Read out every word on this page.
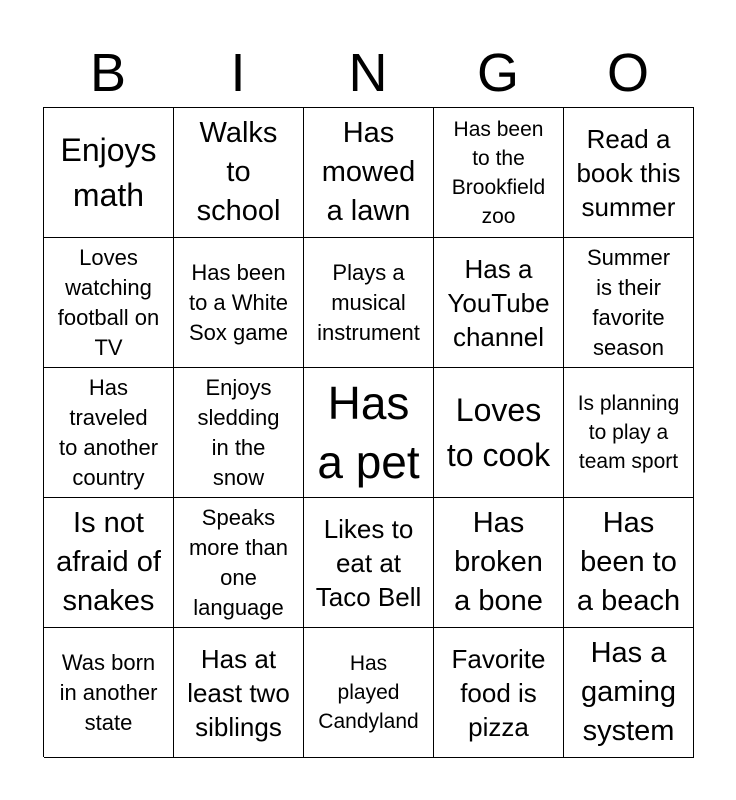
B	I	N	G	O
Enjoys
math
Walks
to
school
Has
mowed
a lawn
Has been
to the
Brookfield
zoo
Read a
book this
summer
Loves
watching
football on
TV
Has been
to a White
Sox game
Plays a
musical
instrument
Has a
YouTube
channel
Summer
is their
favorite
season
Has
traveled
to another
country
Enjoys
sledding
in the
snow
Has
a pet
Loves
to cook
Is planning
to play a
team sport
Is not
afraid of
snakes
Speaks
more than
one
language
Likes to
eat at
Taco Bell
Has
broken
a bone
Has
been to
a beach
Was born
in another
state
Has at
least two
siblings
Has
played
Candyland
Favorite
food is
pizza
Has a
gaming
system
